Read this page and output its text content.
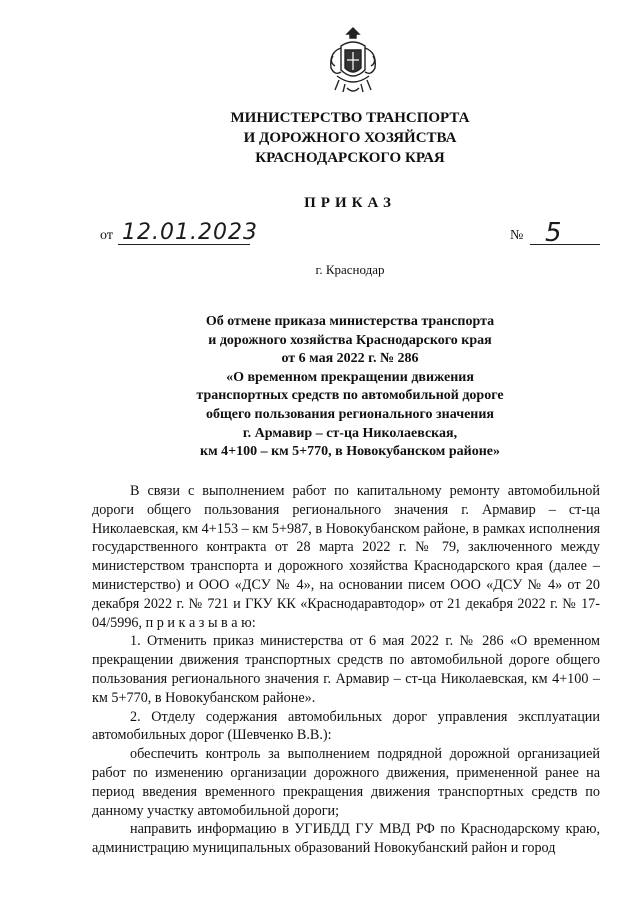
МИНИСТЕРСТВО ТРАНСПОРТА
И ДОРОЖНОГО ХОЗЯЙСТВА
КРАСНОДАРСКОГО КРАЯ
ПРИКАЗ
от 12.01.2023	№ 5
г. Краснодар
Об отмене приказа министерства транспорта
и дорожного хозяйства Краснодарского края
от 6 мая 2022 г. № 286
«О временном прекращении движения
транспортных средств по автомобильной дороге
общего пользования регионального значения
г. Армавир – ст-ца Николаевская,
км 4+100 – км 5+770, в Новокубанском районе»

В связи с выполнением работ по капитальному ремонту автомобильной дороги общего пользования регионального значения г. Армавир – ст-ца Николаевская, км 4+153 – км 5+987, в Новокубанском районе, в рамках исполнения государственного контракта от 28 марта 2022 г. № 79, заключенного между министерством транспорта и дорожного хозяйства Краснодарского края (далее – министерство) и ООО «ДСУ № 4», на основании писем ООО «ДСУ № 4» от 20 декабря 2022 г. № 721 и ГКУ КК «Краснодаравтодор» от 21 декабря 2022 г. № 17-04/5996, п р и к а з ы в а ю:

1. Отменить приказ министерства от 6 мая 2022 г. № 286 «О временном прекращении движения транспортных средств по автомобильной дороге общего пользования регионального значения г. Армавир – ст-ца Николаевская, км 4+100 – км 5+770, в Новокубанском районе».

2. Отделу содержания автомобильных дорог управления эксплуатации автомобильных дорог (Шевченко В.В.):

обеспечить контроль за выполнением подрядной дорожной организацией работ по изменению организации дорожного движения, примененной ранее на период введения временного прекращения движения транспортных средств по данному участку автомобильной дороги;

направить информацию в УГИБДД ГУ МВД РФ по Краснодарскому краю, администрацию муниципальных образований Новокубанский район и город
